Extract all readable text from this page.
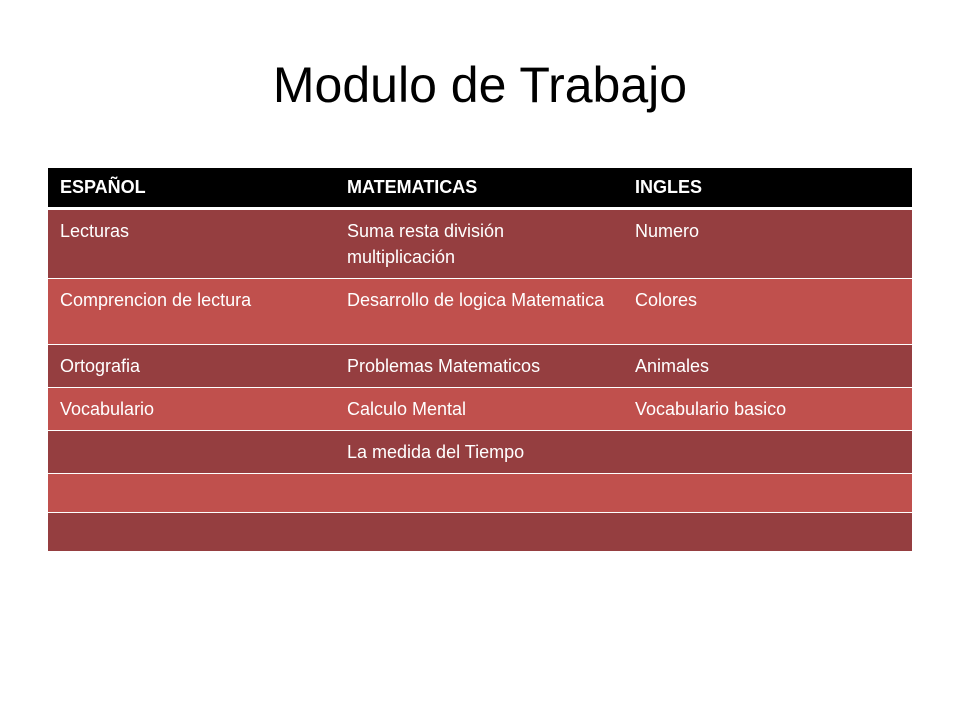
Modulo de Trabajo
ESPAÑOL	MATEMATICAS	INGLES
Lecturas	Suma resta división multiplicación	Numero
Comprencion de lectura	Desarrollo de logica Matematica	Colores
Ortografia	Problemas Matematicos	Animales
Vocabulario	Calculo Mental	Vocabulario basico
	La medida del Tiempo	
